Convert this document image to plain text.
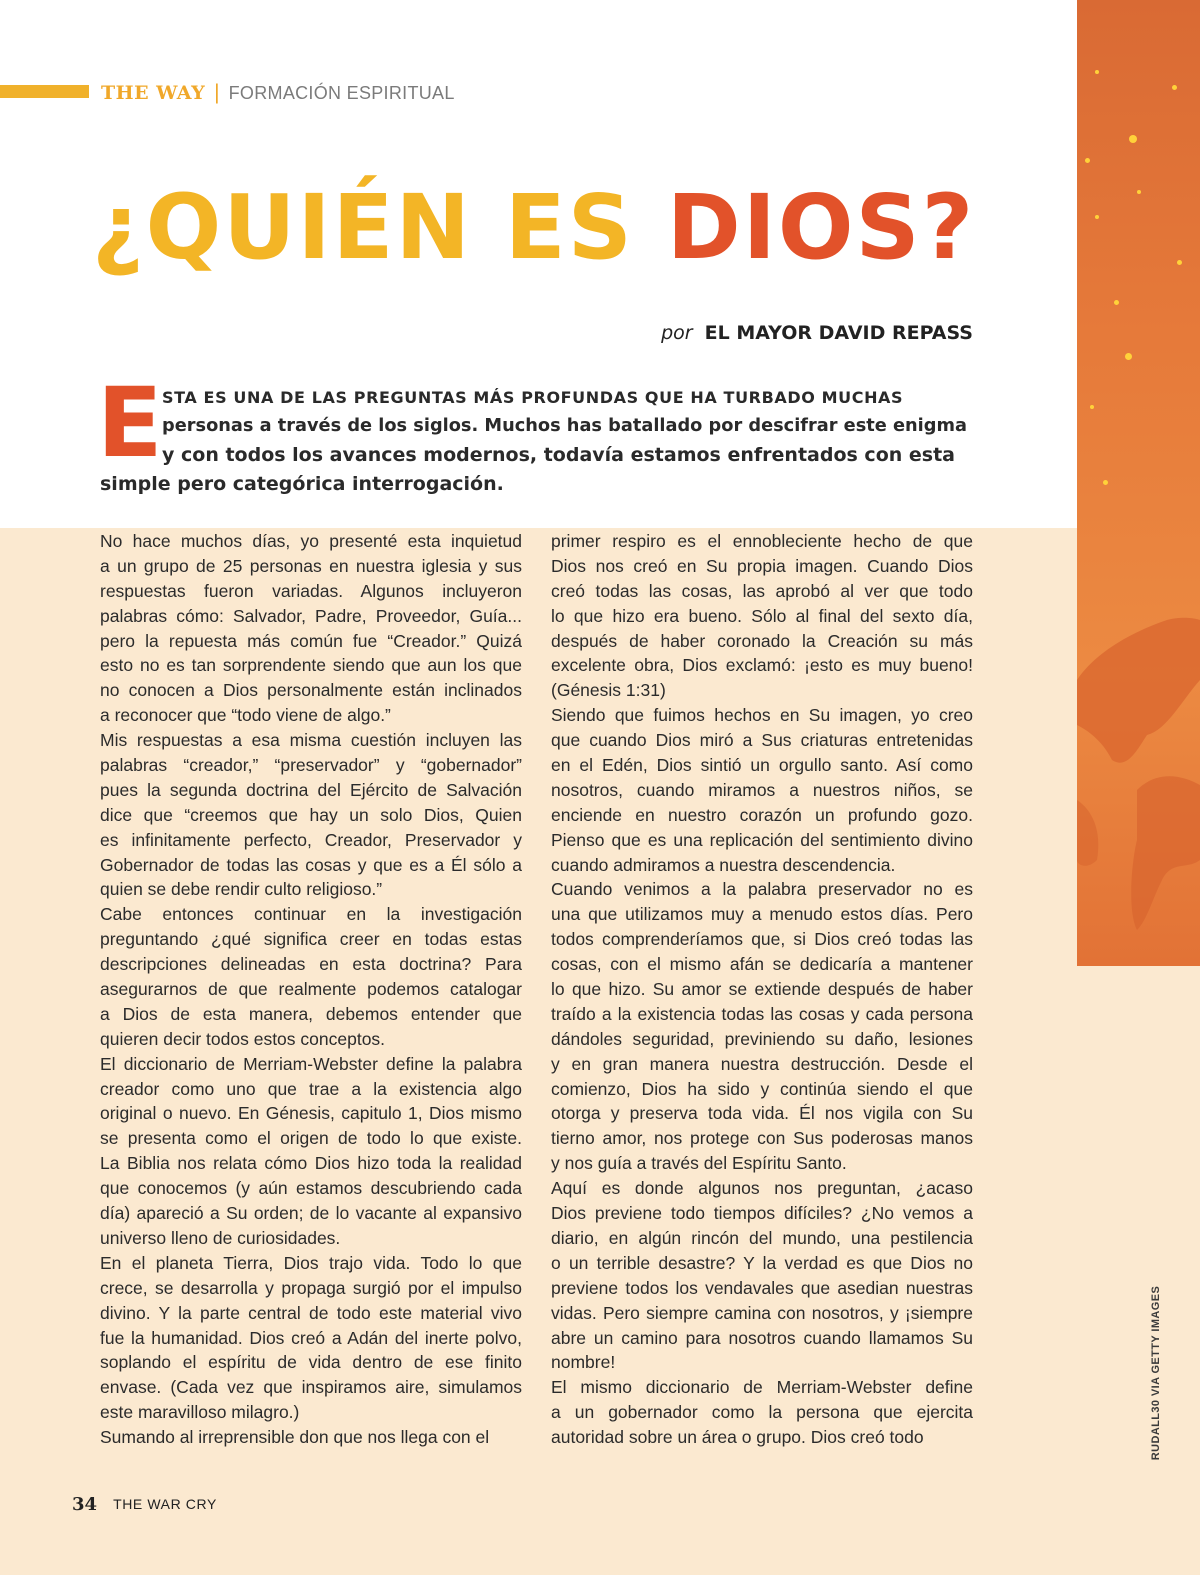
THE WAY | FORMACIÓN ESPIRITUAL
¿QUIÉN ES DIOS?
por EL MAYOR DAVID REPASS
E STA ES UNA DE LAS PREGUNTAS MÁS PROFUNDAS QUE HA TURBADO MUCHAS
personas a través de los siglos. Muchos has batallado por descifrar este enigma
y con todos los avances modernos, todavía estamos enfrentados con esta
simple pero categórica interrogación.
No hace muchos días, yo presenté esta inquietud
a un grupo de 25 personas en nuestra iglesia y sus
respuestas fueron variadas. Algunos incluyeron
palabras cómo: Salvador, Padre, Proveedor, Guía...
pero la repuesta más común fue “Creador.” Quizá
esto no es tan sorprendente siendo que aun los que
no conocen a Dios personalmente están inclinados
a reconocer que “todo viene de algo.”
Mis respuestas a esa misma cuestión incluyen las
palabras “creador,” “preservador” y “gobernador”
pues la segunda doctrina del Ejército de Salvación
dice que “creemos que hay un solo Dios, Quien
es infinitamente perfecto, Creador, Preservador y
Gobernador de todas las cosas y que es a Él sólo a
quien se debe rendir culto religioso.”
Cabe entonces continuar en la investigación
preguntando ¿qué significa creer en todas estas
descripciones delineadas en esta doctrina? Para
asegurarnos de que realmente podemos catalogar
a Dios de esta manera, debemos entender que
quieren decir todos estos conceptos.
El diccionario de Merriam-Webster define la palabra
creador como uno que trae a la existencia algo
original o nuevo. En Génesis, capitulo 1, Dios mismo
se presenta como el origen de todo lo que existe.
La Biblia nos relata cómo Dios hizo toda la realidad
que conocemos (y aún estamos descubriendo cada
día) apareció a Su orden; de lo vacante al expansivo
universo lleno de curiosidades.
En el planeta Tierra, Dios trajo vida. Todo lo que
crece, se desarrolla y propaga surgió por el impulso
divino. Y la parte central de todo este material vivo
fue la humanidad. Dios creó a Adán del inerte polvo,
soplando el espíritu de vida dentro de ese finito
envase. (Cada vez que inspiramos aire, simulamos
este maravilloso milagro.)
Sumando al irreprensible don que nos llega con el
primer respiro es el ennobleciente hecho de que
Dios nos creó en Su propia imagen. Cuando Dios
creó todas las cosas, las aprobó al ver que todo
lo que hizo era bueno. Sólo al final del sexto día,
después de haber coronado la Creación su más
excelente obra, Dios exclamó: ¡esto es muy bueno!
(Génesis 1:31)
Siendo que fuimos hechos en Su imagen, yo creo
que cuando Dios miró a Sus criaturas entretenidas
en el Edén, Dios sintió un orgullo santo. Así como
nosotros, cuando miramos a nuestros niños, se
enciende en nuestro corazón un profundo gozo.
Pienso que es una replicación del sentimiento divino
cuando admiramos a nuestra descendencia.
Cuando venimos a la palabra preservador no es
una que utilizamos muy a menudo estos días. Pero
todos comprenderíamos que, si Dios creó todas las
cosas, con el mismo afán se dedicaría a mantener
lo que hizo. Su amor se extiende después de haber
traído a la existencia todas las cosas y cada persona
dándoles seguridad, previniendo su daño, lesiones
y en gran manera nuestra destrucción. Desde el
comienzo, Dios ha sido y continúa siendo el que
otorga y preserva toda vida. Él nos vigila con Su
tierno amor, nos protege con Sus poderosas manos
y nos guía a través del Espíritu Santo.
Aquí es donde algunos nos preguntan, ¿acaso
Dios previene todo tiempos difíciles? ¿No vemos a
diario, en algún rincón del mundo, una pestilencia
o un terrible desastre? Y la verdad es que Dios no
previene todos los vendavales que asedian nuestras
vidas. Pero siempre camina con nosotros, y ¡siempre
abre un camino para nosotros cuando llamamos Su
nombre!
El mismo diccionario de Merriam-Webster define
a un gobernador como la persona que ejercita
autoridad sobre un área o grupo. Dios creó todo	RUDALL30 VIA GETTY IMAGES
34 THE WAR CRY
